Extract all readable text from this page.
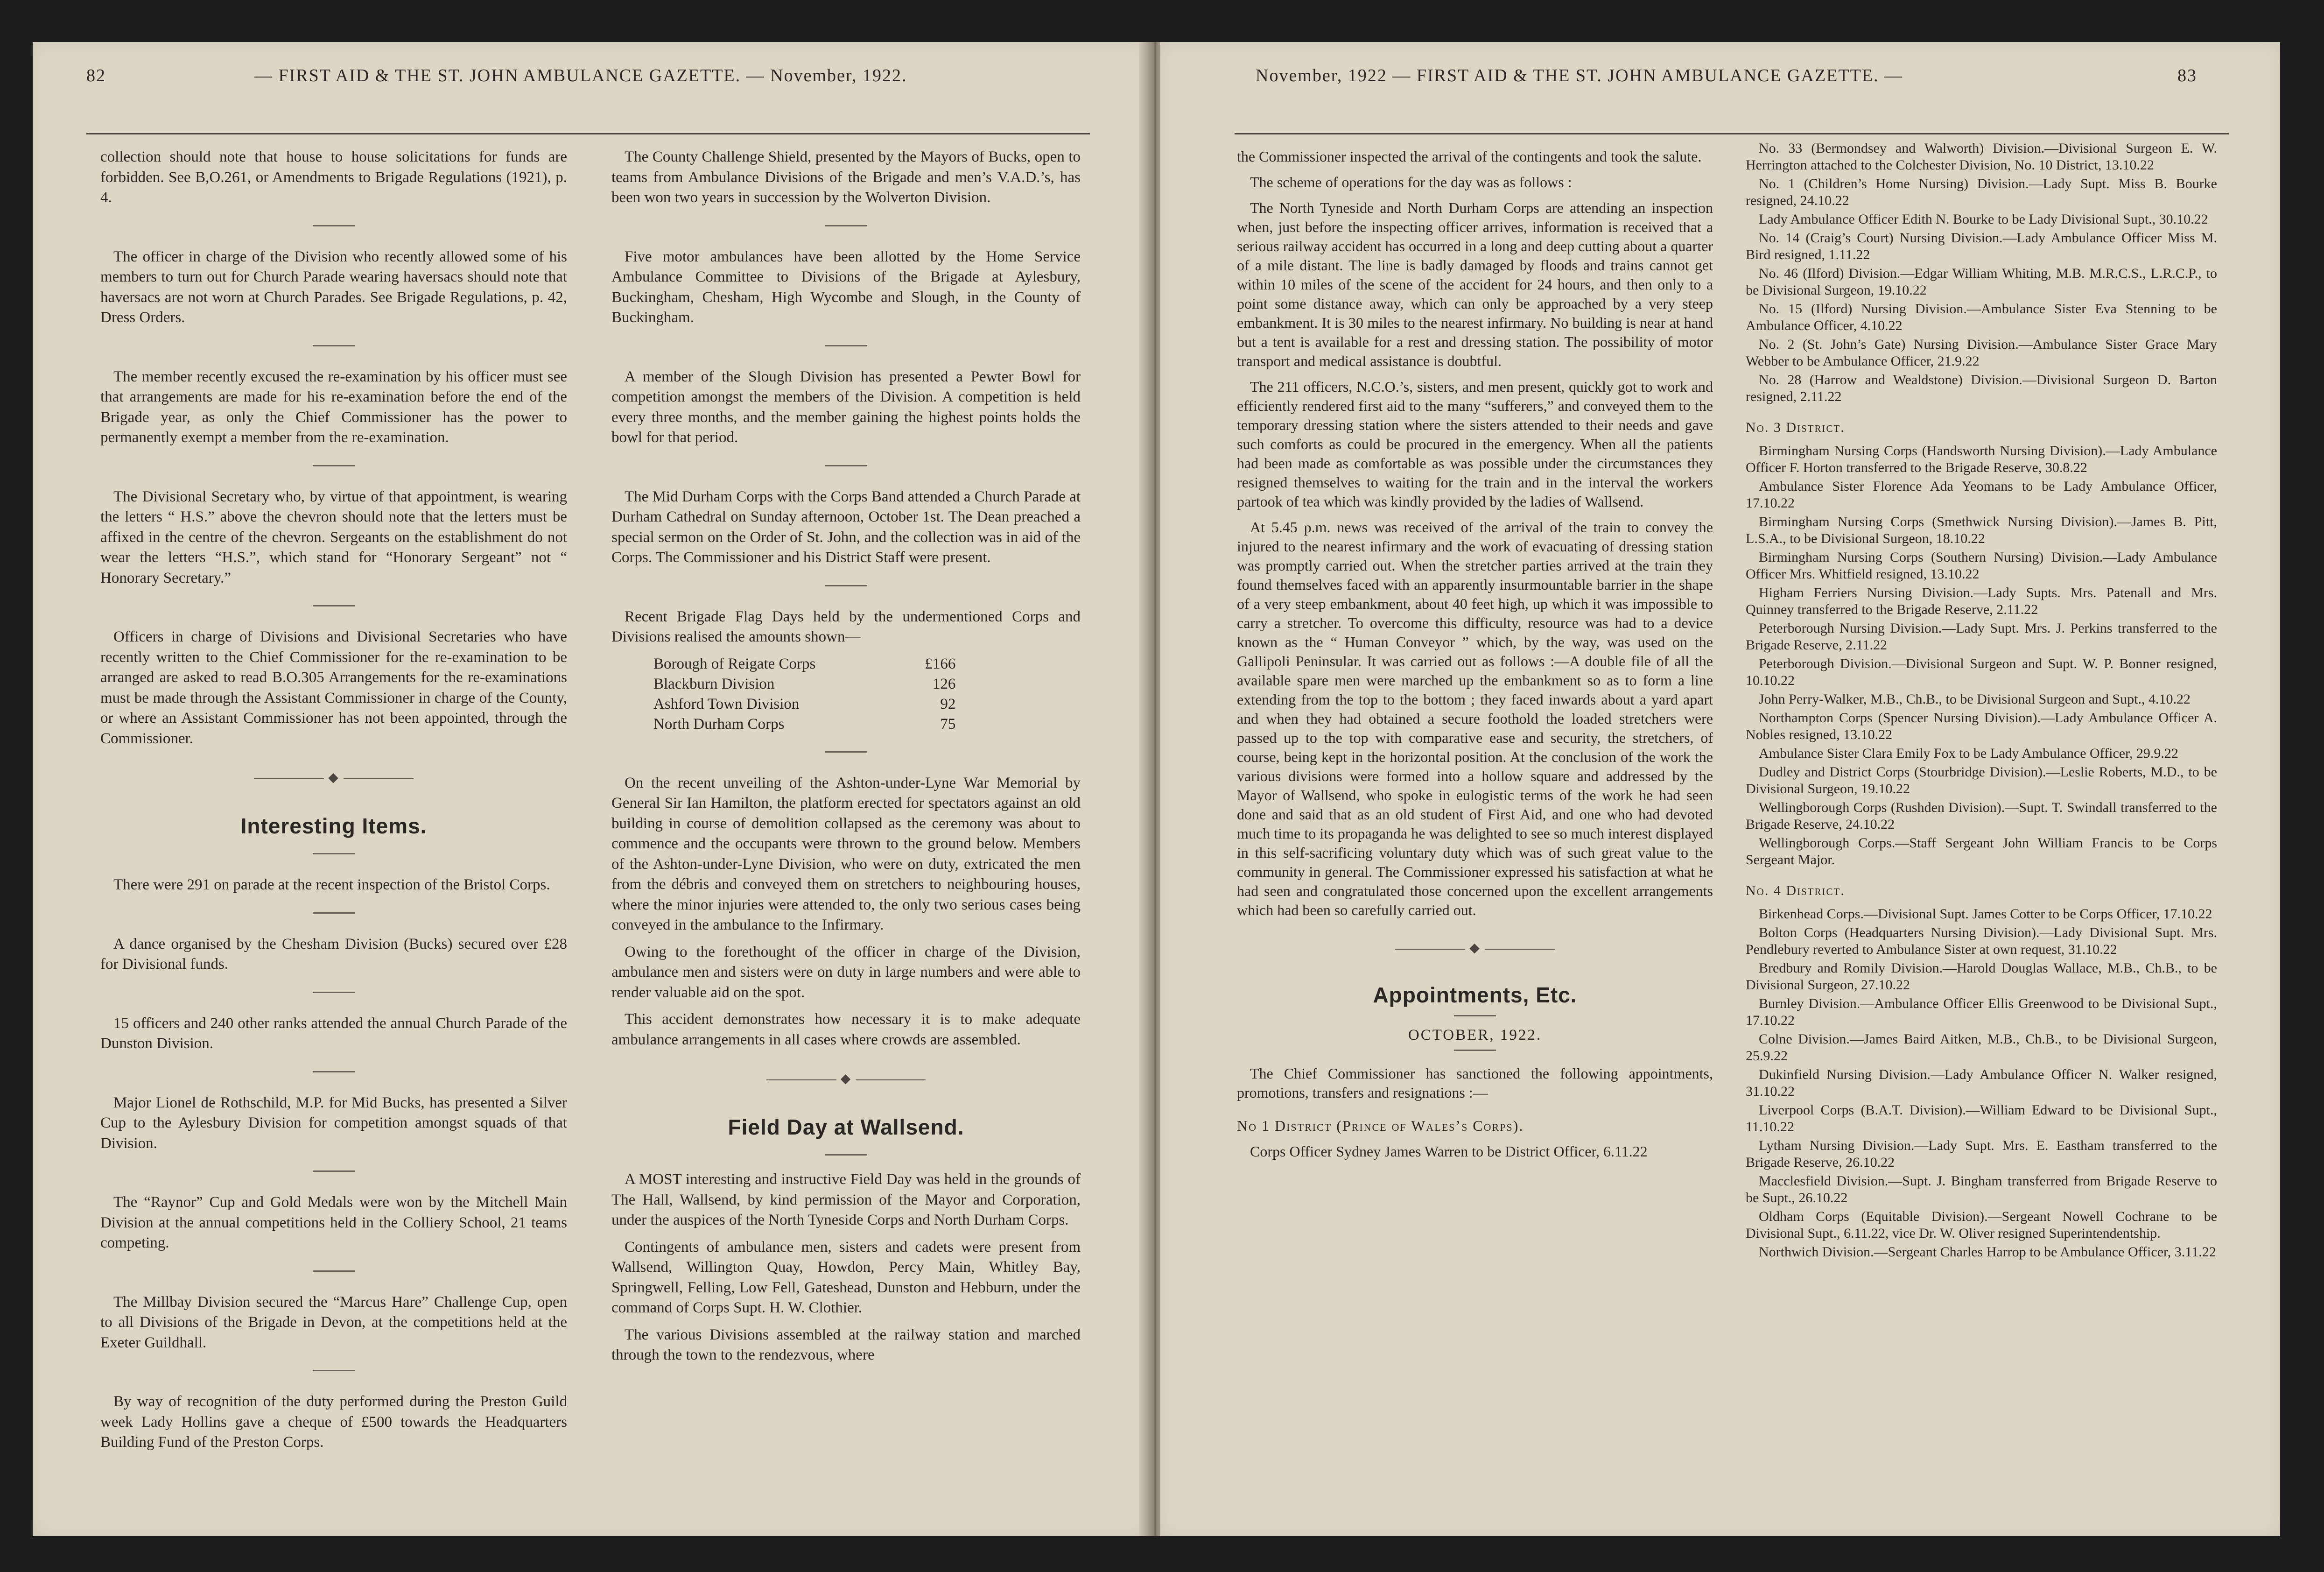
82	— FIRST AID & THE ST. JOHN AMBULANCE GAZETTE. — November, 1922.

collection should note that house to house solicitations for funds are forbidden. See B,O.261, or Amendments to Brigade Regulations (1921), p. 4.

The officer in charge of the Division who recently allowed some of his members to turn out for Church Parade wearing haversacs should note that haversacs are not worn at Church Parades. See Brigade Regulations, p. 42, Dress Orders.

The member recently excused the re-examination by his officer must see that arrangements are made for his re-examination before the end of the Brigade year, as only the Chief Commissioner has the power to permanently exempt a member from the re-examination.

The Divisional Secretary who, by virtue of that appointment, is wearing the letters “ H.S.” above the chevron should note that the letters must be affixed in the centre of the chevron. Sergeants on the establishment do not wear the letters “H.S.”, which stand for “Honorary Sergeant” not “ Honorary Secretary.”

Officers in charge of Divisions and Divisional Secretaries who have recently written to the Chief Commissioner for the re-examination to be arranged are asked to read B.O.305 Arrangements for the re-examinations must be made through the Assistant Commissioner in charge of the County, or where an Assistant Commissioner has not been appointed, through the Commissioner.

◆
Interesting Items.

There were 291 on parade at the recent inspection of the Bristol Corps.

A dance organised by the Chesham Division (Bucks) secured over £28 for Divisional funds.

15 officers and 240 other ranks attended the annual Church Parade of the Dunston Division.

Major Lionel de Rothschild, M.P. for Mid Bucks, has presented a Silver Cup to the Aylesbury Division for competition amongst squads of that Division.

The “Raynor” Cup and Gold Medals were won by the Mitchell Main Division at the annual competitions held in the Colliery School, 21 teams competing.

The Millbay Division secured the “Marcus Hare” Challenge Cup, open to all Divisions of the Brigade in Devon, at the competitions held at the Exeter Guildhall.

By way of recognition of the duty performed during the Preston Guild week Lady Hollins gave a cheque of £500 towards the Headquarters Building Fund of the Preston Corps.

The County Challenge Shield, presented by the Mayors of Bucks, open to teams from Ambulance Divisions of the Brigade and men’s V.A.D.’s, has been won two years in succession by the Wolverton Division.

Five motor ambulances have been allotted by the Home Service Ambulance Committee to Divisions of the Brigade at Aylesbury, Buckingham, Chesham, High Wycombe and Slough, in the County of Buckingham.

A member of the Slough Division has presented a Pewter Bowl for competition amongst the members of the Division. A competition is held every three months, and the member gaining the highest points holds the bowl for that period.

The Mid Durham Corps with the Corps Band attended a Church Parade at Durham Cathedral on Sunday afternoon, October 1st. The Dean preached a special sermon on the Order of St. John, and the collection was in aid of the Corps. The Commissioner and his District Staff were present.

Recent Brigade Flag Days held by the undermentioned Corps and Divisions realised the amounts shown—

Borough of Reigate Corps	£166
Blackburn Division	126
Ashford Town Division	92
North Durham Corps	75

On the recent unveiling of the Ashton-under-Lyne War Memorial by General Sir Ian Hamilton, the platform erected for spectators against an old building in course of demolition collapsed as the ceremony was about to commence and the occupants were thrown to the ground below. Members of the Ashton-under-Lyne Division, who were on duty, extricated the men from the débris and conveyed them on stretchers to neighbouring houses, where the minor injuries were attended to, the only two serious cases being conveyed in the ambulance to the Infirmary.

Owing to the forethought of the officer in charge of the Division, ambulance men and sisters were on duty in large numbers and were able to render valuable aid on the spot.

This accident demonstrates how necessary it is to make adequate ambulance arrangements in all cases where crowds are assembled.

◆
Field Day at Wallsend.

A MOST interesting and instructive Field Day was held in the grounds of The Hall, Wallsend, by kind permission of the Mayor and Corporation, under the auspices of the North Tyneside Corps and North Durham Corps.

Contingents of ambulance men, sisters and cadets were present from Wallsend, Willington Quay, Howdon, Percy Main, Whitley Bay, Springwell, Felling, Low Fell, Gateshead, Dunston and Hebburn, under the command of Corps Supt. H. W. Clothier.

The various Divisions assembled at the railway station and marched through the town to the rendezvous, where

November, 1922 — FIRST AID & THE ST. JOHN AMBULANCE GAZETTE. —	83

the Commissioner inspected the arrival of the contingents and took the salute.

The scheme of operations for the day was as follows :

The North Tyneside and North Durham Corps are attending an inspection when, just before the inspecting officer arrives, information is received that a serious railway accident has occurred in a long and deep cutting about a quarter of a mile distant. The line is badly damaged by floods and trains cannot get within 10 miles of the scene of the accident for 24 hours, and then only to a point some distance away, which can only be approached by a very steep embankment. It is 30 miles to the nearest infirmary. No building is near at hand but a tent is available for a rest and dressing station. The possibility of motor transport and medical assistance is doubtful.

The 211 officers, N.C.O.’s, sisters, and men present, quickly got to work and efficiently rendered first aid to the many “sufferers,” and conveyed them to the temporary dressing station where the sisters attended to their needs and gave such comforts as could be procured in the emergency. When all the patients had been made as comfortable as was possible under the circumstances they resigned themselves to waiting for the train and in the interval the workers partook of tea which was kindly provided by the ladies of Wallsend.

At 5.45 p.m. news was received of the arrival of the train to convey the injured to the nearest infirmary and the work of evacuating of dressing station was promptly carried out. When the stretcher parties arrived at the train they found themselves faced with an apparently insurmountable barrier in the shape of a very steep embankment, about 40 feet high, up which it was impossible to carry a stretcher. To overcome this difficulty, resource was had to a device known as the “ Human Conveyor ” which, by the way, was used on the Gallipoli Peninsular. It was carried out as follows :—A double file of all the available spare men were marched up the embankment so as to form a line extending from the top to the bottom ; they faced inwards about a yard apart and when they had obtained a secure foothold the loaded stretchers were passed up to the top with comparative ease and security, the stretchers, of course, being kept in the horizontal position. At the conclusion of the work the various divisions were formed into a hollow square and addressed by the Mayor of Wallsend, who spoke in eulogistic terms of the work he had seen done and said that as an old student of First Aid, and one who had devoted much time to its propaganda he was delighted to see so much interest displayed in this self-sacrificing voluntary duty which was of such great value to the community in general. The Commissioner expressed his satisfaction at what he had seen and congratulated those concerned upon the excellent arrangements which had been so carefully carried out.

◆
Appointments, Etc.
OCTOBER, 1922.

The Chief Commissioner has sanctioned the following appointments, promotions, transfers and resignations :—

No 1 District (Prince of Wales’s Corps).

Corps Officer Sydney James Warren to be District Officer, 6.11.22

No. 33 (Bermondsey and Walworth) Division.—Divisional Surgeon E. W. Herrington attached to the Colchester Division, No. 10 District, 13.10.22

No. 1 (Children’s Home Nursing) Division.—Lady Supt. Miss B. Bourke resigned, 24.10.22

Lady Ambulance Officer Edith N. Bourke to be Lady Divisional Supt., 30.10.22

No. 14 (Craig’s Court) Nursing Division.—Lady Ambulance Officer Miss M. Bird resigned, 1.11.22

No. 46 (Ilford) Division.—Edgar William Whiting, M.B. M.R.C.S., L.R.C.P., to be Divisional Surgeon, 19.10.22

No. 15 (Ilford) Nursing Division.—Ambulance Sister Eva Stenning to be Ambulance Officer, 4.10.22

No. 2 (St. John’s Gate) Nursing Division.—Ambulance Sister Grace Mary Webber to be Ambulance Officer, 21.9.22

No. 28 (Harrow and Wealdstone) Division.—Divisional Surgeon D. Barton resigned, 2.11.22

No. 3 District.

Birmingham Nursing Corps (Handsworth Nursing Division).—Lady Ambulance Officer F. Horton transferred to the Brigade Reserve, 30.8.22

Ambulance Sister Florence Ada Yeomans to be Lady Ambulance Officer, 17.10.22

Birmingham Nursing Corps (Smethwick Nursing Division).—James B. Pitt, L.S.A., to be Divisional Surgeon, 18.10.22

Birmingham Nursing Corps (Southern Nursing) Division.—Lady Ambulance Officer Mrs. Whitfield resigned, 13.10.22

Higham Ferriers Nursing Division.—Lady Supts. Mrs. Patenall and Mrs. Quinney transferred to the Brigade Reserve, 2.11.22

Peterborough Nursing Division.—Lady Supt. Mrs. J. Perkins transferred to the Brigade Reserve, 2.11.22

Peterborough Division.—Divisional Surgeon and Supt. W. P. Bonner resigned, 10.10.22

John Perry-Walker, M.B., Ch.B., to be Divisional Surgeon and Supt., 4.10.22

Northampton Corps (Spencer Nursing Division).—Lady Ambulance Officer A. Nobles resigned, 13.10.22

Ambulance Sister Clara Emily Fox to be Lady Ambulance Officer, 29.9.22

Dudley and District Corps (Stourbridge Division).—Leslie Roberts, M.D., to be Divisional Surgeon, 19.10.22

Wellingborough Corps (Rushden Division).—Supt. T. Swindall transferred to the Brigade Reserve, 24.10.22

Wellingborough Corps.—Staff Sergeant John William Francis to be Corps Sergeant Major.

No. 4 District.

Birkenhead Corps.—Divisional Supt. James Cotter to be Corps Officer, 17.10.22

Bolton Corps (Headquarters Nursing Division).—Lady Divisional Supt. Mrs. Pendlebury reverted to Ambulance Sister at own request, 31.10.22

Bredbury and Romily Division.—Harold Douglas Wallace, M.B., Ch.B., to be Divisional Surgeon, 27.10.22

Burnley Division.—Ambulance Officer Ellis Greenwood to be Divisional Supt., 17.10.22

Colne Division.—James Baird Aitken, M.B., Ch.B., to be Divisional Surgeon, 25.9.22

Dukinfield Nursing Division.—Lady Ambulance Officer N. Walker resigned, 31.10.22

Liverpool Corps (B.A.T. Division).—William Edward to be Divisional Supt., 11.10.22

Lytham Nursing Division.—Lady Supt. Mrs. E. Eastham transferred to the Brigade Reserve, 26.10.22

Macclesfield Division.—Supt. J. Bingham transferred from Brigade Reserve to be Supt., 26.10.22

Oldham Corps (Equitable Division).—Sergeant Nowell Cochrane to be Divisional Supt., 6.11.22, vice Dr. W. Oliver resigned Superintendentship.

Northwich Division.—Sergeant Charles Harrop to be Ambulance Officer, 3.11.22
